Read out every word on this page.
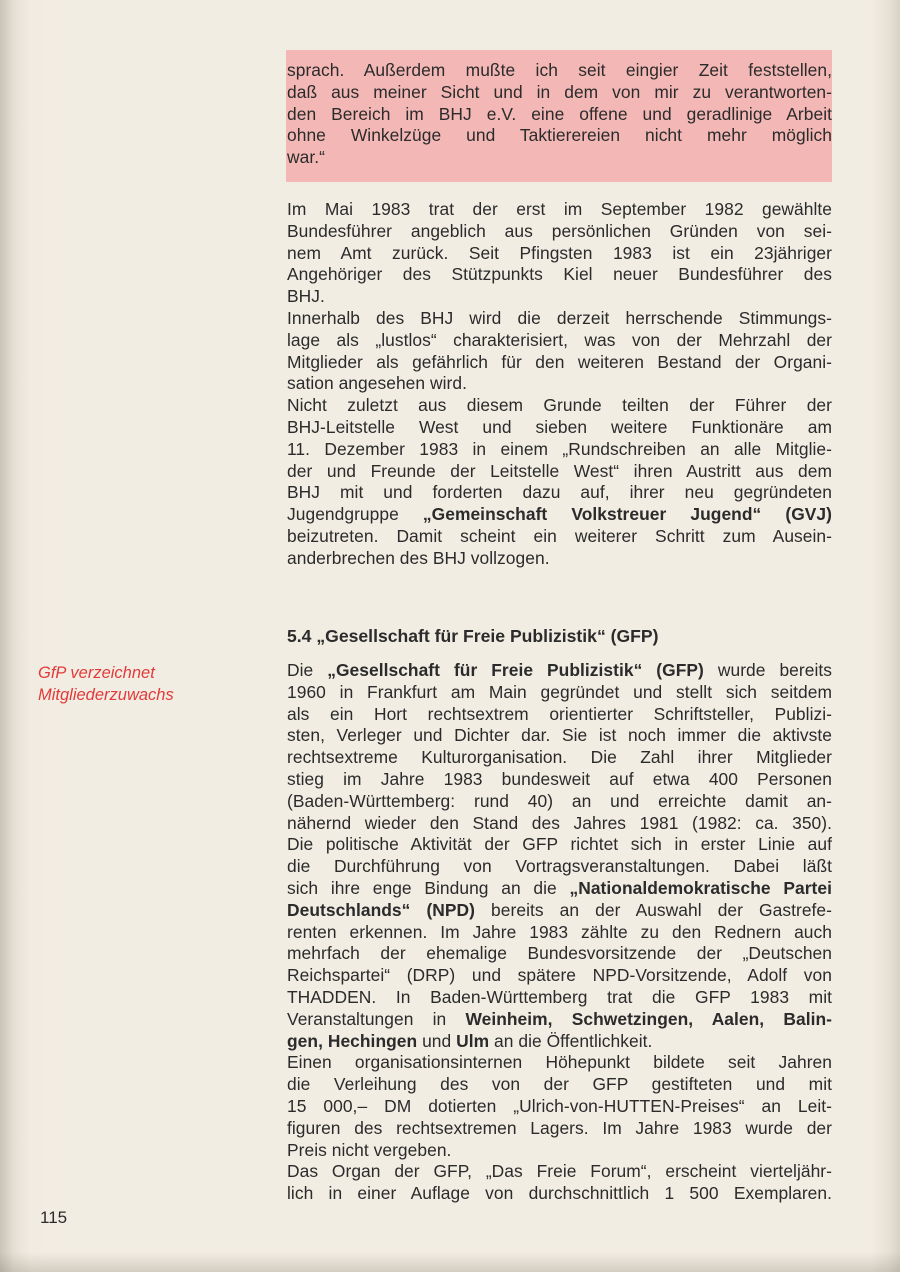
sprach. Außerdem mußte ich seit eingier Zeit feststellen,
daß aus meiner Sicht und in dem von mir zu verantworten-
den Bereich im BHJ e.V. eine offene und geradlinige Arbeit
ohne Winkelzüge und Taktierereien nicht mehr möglich
war.“
Im Mai 1983 trat der erst im September 1982 gewählte
Bundesführer angeblich aus persönlichen Gründen von sei-
nem Amt zurück. Seit Pfingsten 1983 ist ein 23jähriger
Angehöriger des Stützpunkts Kiel neuer Bundesführer des
BHJ.
Innerhalb des BHJ wird die derzeit herrschende Stimmungs-
lage als „lustlos“ charakterisiert, was von der Mehrzahl der
Mitglieder als gefährlich für den weiteren Bestand der Organi-
sation angesehen wird.
Nicht zuletzt aus diesem Grunde teilten der Führer der
BHJ-Leitstelle West und sieben weitere Funktionäre am
11. Dezember 1983 in einem „Rundschreiben an alle Mitglie-
der und Freunde der Leitstelle West“ ihren Austritt aus dem
BHJ mit und forderten dazu auf, ihrer neu gegründeten
Jugendgruppe „Gemeinschaft Volkstreuer Jugend“ (GVJ)
beizutreten. Damit scheint ein weiterer Schritt zum Ausein-
anderbrechen des BHJ vollzogen.
5.4 „Gesellschaft für Freie Publizistik“ (GFP)
GfP verzeichnet
Mitgliederzuwachs
Die „Gesellschaft für Freie Publizistik“ (GFP) wurde bereits
1960 in Frankfurt am Main gegründet und stellt sich seitdem
als ein Hort rechtsextrem orientierter Schriftsteller, Publizi-
sten, Verleger und Dichter dar. Sie ist noch immer die aktivste
rechtsextreme Kulturorganisation. Die Zahl ihrer Mitglieder
stieg im Jahre 1983 bundesweit auf etwa 400 Personen
(Baden-Württemberg: rund 40) an und erreichte damit an-
nähernd wieder den Stand des Jahres 1981 (1982: ca. 350).
Die politische Aktivität der GFP richtet sich in erster Linie auf
die Durchführung von Vortragsveranstaltungen. Dabei läßt
sich ihre enge Bindung an die „Nationaldemokratische Partei
Deutschlands“ (NPD) bereits an der Auswahl der Gastrefe-
renten erkennen. Im Jahre 1983 zählte zu den Rednern auch
mehrfach der ehemalige Bundesvorsitzende der „Deutschen
Reichspartei“ (DRP) und spätere NPD-Vorsitzende, Adolf von
THADDEN. In Baden-Württemberg trat die GFP 1983 mit
Veranstaltungen in Weinheim, Schwetzingen, Aalen, Balin-
gen, Hechingen und Ulm an die Öffentlichkeit.
Einen organisationsinternen Höhepunkt bildete seit Jahren
die Verleihung des von der GFP gestifteten und mit
15 000,– DM dotierten „Ulrich-von-HUTTEN-Preises“ an Leit-
figuren des rechtsextremen Lagers. Im Jahre 1983 wurde der
Preis nicht vergeben.
Das Organ der GFP, „Das Freie Forum“, erscheint vierteljähr-
lich in einer Auflage von durchschnittlich 1 500 Exemplaren.
115
